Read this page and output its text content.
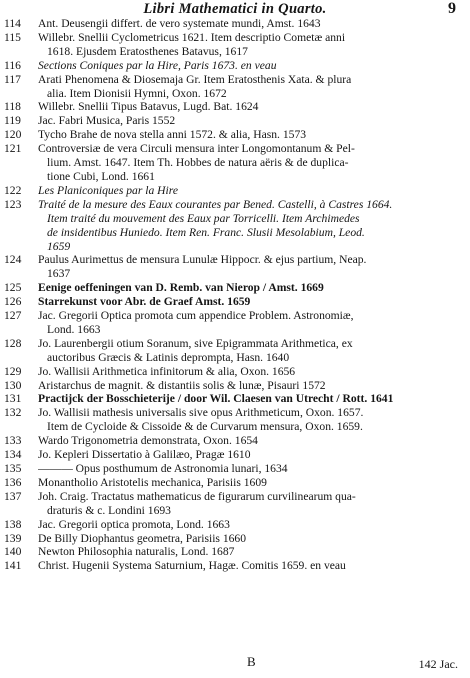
Libri Mathematici in Quarto.	9
114	Ant. Deusengii differt. de vero systemate mundi, Amst. 1643
115	Willebr. Snellii Cyclometricus 1621. Item descriptio Cometæ anni
1618. Ejusdem Eratosthenes Batavus, 1617
116	Sections Coniques par la Hire, Paris 1673. en veau
117	Arati Phenomena & Diosemaja Gr. Item Eratosthenis Xata. & plura
alia. Item Dionisii Hymni, Oxon. 1672
118	Willebr. Snellii Tipus Batavus, Lugd. Bat. 1624
119	Jac. Fabri Musica, Paris 1552
120	Tycho Brahe de nova stella anni 1572. & alia, Hasn. 1573
121	Controversiæ de vera Circuli mensura inter Longomontanum & Pel-
lium. Amst. 1647. Item Th. Hobbes de natura aëris & de duplica-
tione Cubi, Lond. 1661
122	Les Planiconiques par la Hire
123	Traité de la mesure des Eaux courantes par Bened. Castelli, à Castres 1664.
Item traité du mouvement des Eaux par Torricelli. Item Archimedes
de insidentibus Huniedo. Item Ren. Franc. Slusii Mesolabium, Leod.
1659
124	Paulus Aurimettus de mensura Lunulæ Hippocr. & ejus partium, Neap.
1637
125	Eenige oeffeningen van D. Remb. van Nierop / Amst. 1669
126	Starrekunst voor Abr. de Graef Amst. 1659
127	Jac. Gregorii Optica promota cum appendice Problem. Astronomiæ,
Lond. 1663
128	Jo. Laurenbergii otium Soranum, sive Epigrammata Arithmetica, ex
auctoribus Græcis & Latinis deprompta, Hasn. 1640
129	Jo. Wallisii Arithmetica infinitorum & alia, Oxon. 1656
130	Aristarchus de magnit. & distantiis solis & lunæ, Pisauri 1572
131	Practijck der Bosschieterije / door Wil. Claesen van Utrecht / Rott. 1641
132	Jo. Wallisii mathesis universalis sive opus Arithmeticum, Oxon. 1657.
Item de Cycloide & Cissoide & de Curvarum mensura, Oxon. 1659.
133	Wardo Trigonometria demonstrata, Oxon. 1654
134	Jo. Kepleri Dissertatio à Galilæo, Pragæ 1610
135	——— Opus posthumum de Astronomia lunari, 1634
136	Monantholio Aristotelis mechanica, Parisiis 1609
137	Joh. Craig. Tractatus mathematicus de figurarum curvilinearum qua-
draturis & c. Londini 1693
138	Jac. Gregorii optica promota, Lond. 1663
139	De Billy Diophantus geometra, Parisiis 1660
140	Newton Philosophia naturalis, Lond. 1687
141	Christ. Hugenii Systema Saturnium, Hagæ. Comitis 1659. en veau
B	142 Jac.
